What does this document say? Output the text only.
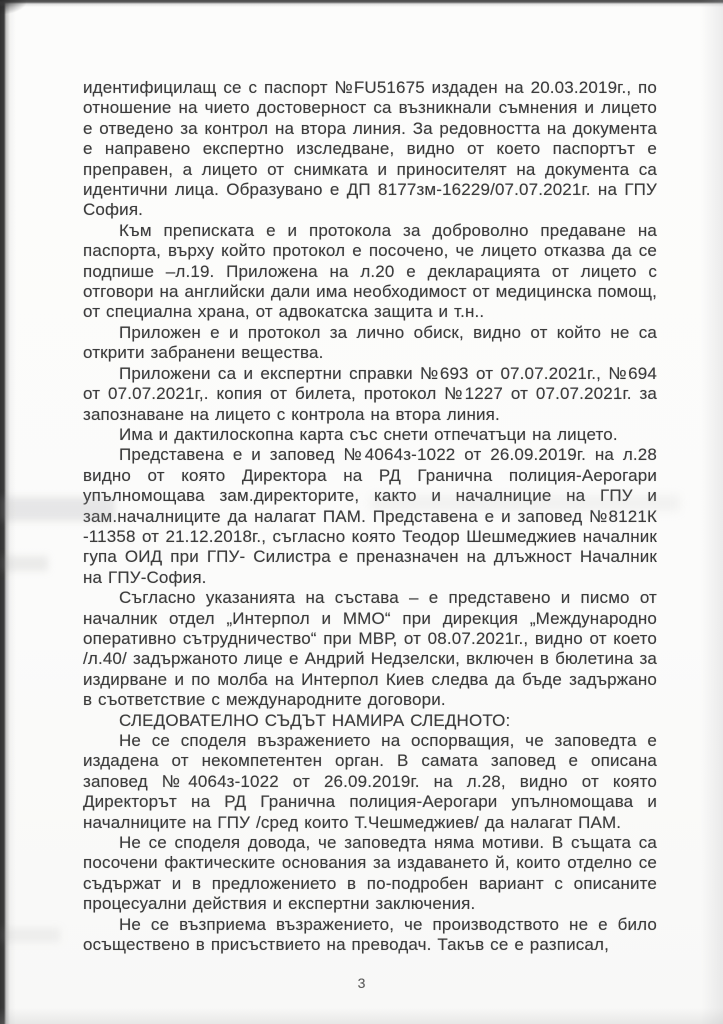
идентифицилащ се с паспорт №FU51675 издаден на 20.03.2019г., по отношение на чието достоверност са възникнали съмнения и лицето е отведено за контрол на втора линия. За редовността на документа е направено експертно изследване, видно от което паспортът е преправен, а лицето от снимката и приносителят на документа са идентични лица. Образувано е ДП 8177зм-16229/07.07.2021г. на ГПУ София.

Към преписката е и протокола за доброволно предаване на паспорта, върху който протокол е посочено, че лицето отказва да се подпише –л.19. Приложена на л.20 е декларацията от лицето с отговори на английски дали има необходимост от медицинска помощ, от специална храна, от адвокатска защита и т.н..

Приложен е и протокол за лично обиск, видно от който не са открити забранени вещества.

Приложени са и експертни справки №693 от 07.07.2021г., №694 от 07.07.2021г,. копия от билета, протокол №1227 от 07.07.2021г. за запознаване на лицето с контрола на втора линия.

Има и дактилоскопна карта със снети отпечатъци на лицето.

Представена е и заповед №4064з-1022 от 26.09.2019г. на л.28 видно от която Директора на РД Гранична полиция-Аерогари упълномощава зам.директорите, както и началницие на ГПУ и зам.началниците да налагат ПАМ. Представена е и заповед №8121К -11358 от 21.12.2018г., съгласно която Теодор Шешмеджиев началник гупа ОИД при ГПУ- Силистра е преназначен на длъжност Началник на ГПУ-София.

Съгласно указанията на състава – е представено и писмо от началник отдел „Интерпол и ММО“ при дирекция „Международно оперативно сътрудничество“ при МВР, от 08.07.2021г., видно от което /л.40/ задържаното лице е Андрий Недзелски, включен в бюлетина за издирване и по молба на Интерпол Киев следва да бъде задържано в съответствие с международните договори.

СЛЕДОВАТЕЛНО СЪДЪТ НАМИРА СЛЕДНОТО:

Не се споделя възражението на оспорващия, че заповедта е издадена от некомпетентен орган. В самата заповед е описана заповед №4064з-1022 от 26.09.2019г. на л.28, видно от която Директорът на РД Гранична полиция-Аерогари упълномощава и началниците на ГПУ /сред които Т.Чешмеджиев/ да налагат ПАМ.

Не се споделя довода, че заповедта няма мотиви. В същата са посочени фактическите основания за издаването й, които отделно се съдържат и в предложението в по-подробен вариант с описаните процесуални действия и експертни заключения.

Не се възприема възражението, че производството не е било осъществено в присъствието на преводач. Такъв се е разписал,

3
